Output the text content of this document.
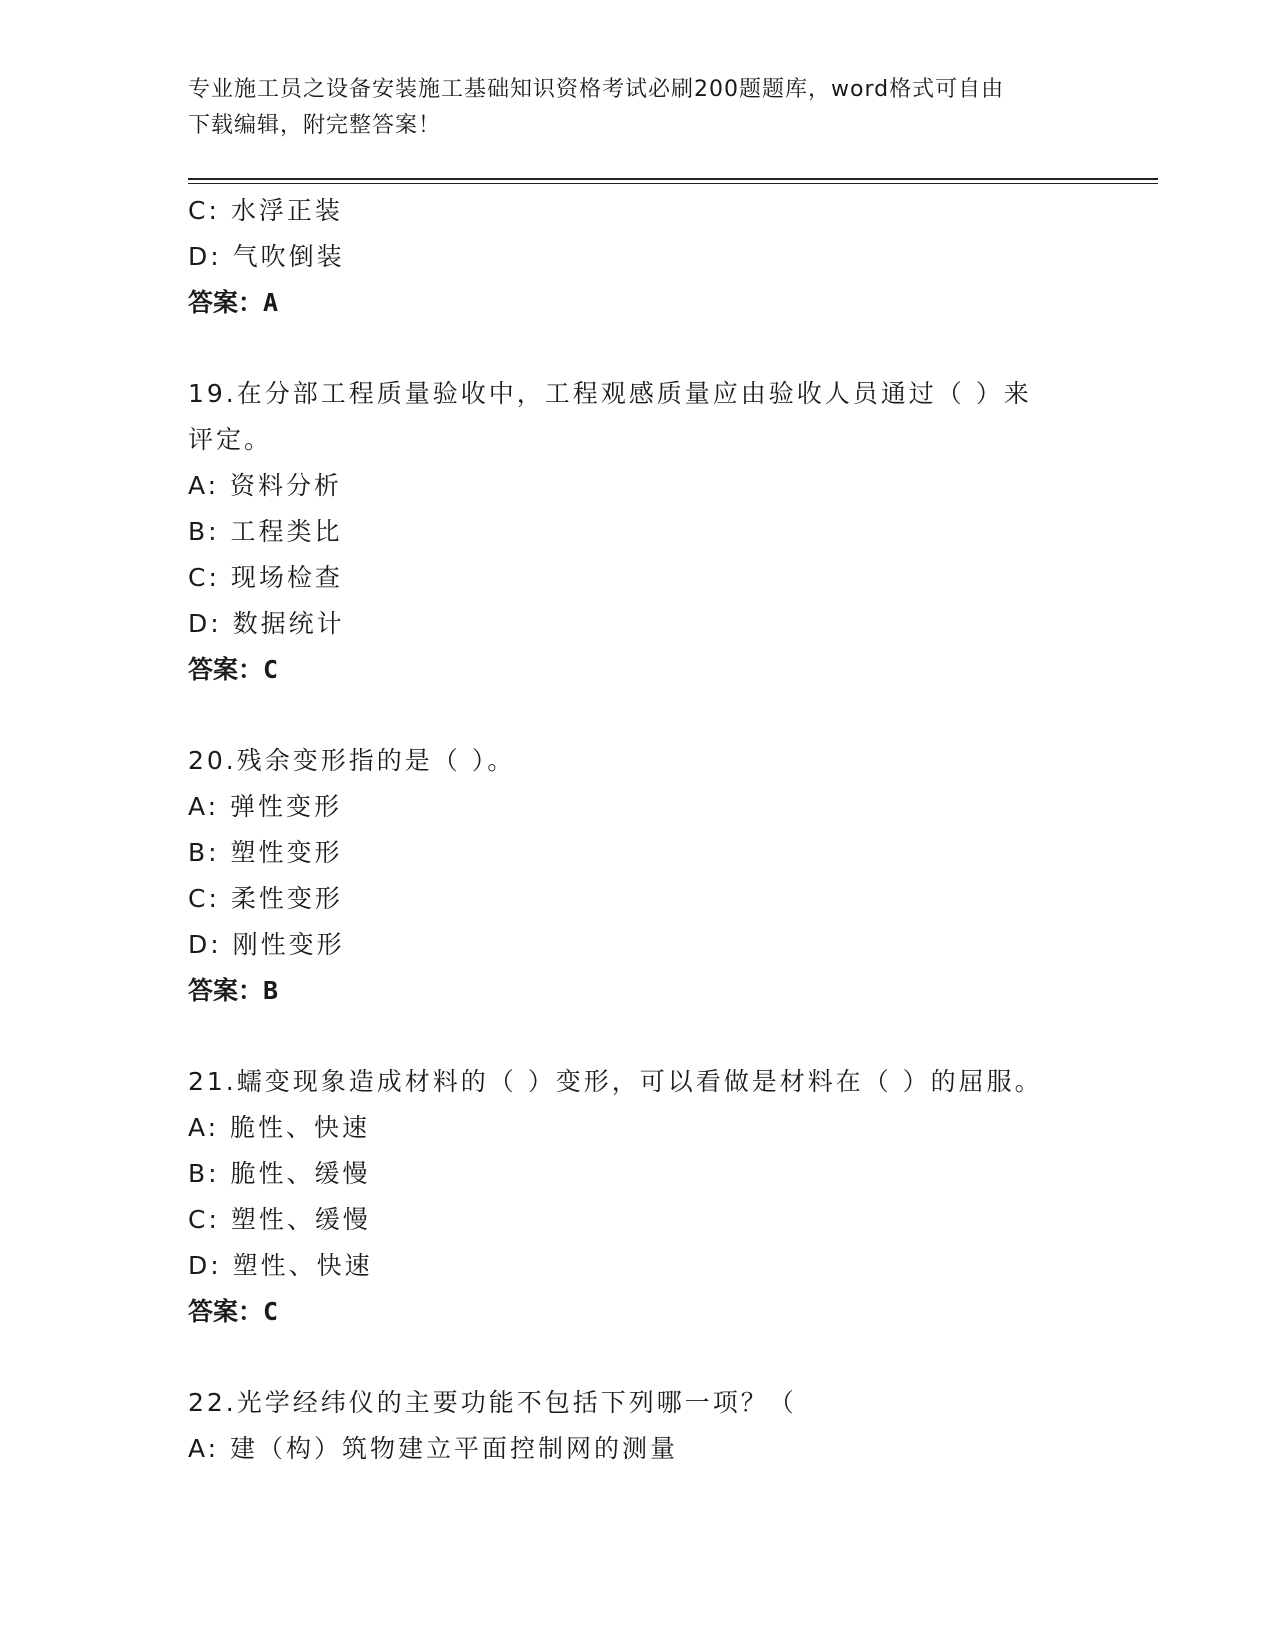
专业施工员之设备安装施工基础知识资格考试必刷200题题库，word格式可自由
下载编辑，附完整答案！
C: 水浮正装
D: 气吹倒装
答案：A
19.在分部工程质量验收中，工程观感质量应由验收人员通过（ ）来
评定。
A: 资料分析
B: 工程类比
C: 现场检查
D: 数据统计
答案：C
20.残余变形指的是（ ）。
A: 弹性变形
B: 塑性变形
C: 柔性变形
D: 刚性变形
答案：B
21.蠕变现象造成材料的（ ）变形，可以看做是材料在（ ）的屈服。
A: 脆性、快速
B: 脆性、缓慢
C: 塑性、缓慢
D: 塑性、快速
答案：C
22.光学经纬仪的主要功能不包括下列哪一项？（
A: 建（构）筑物建立平面控制网的测量
